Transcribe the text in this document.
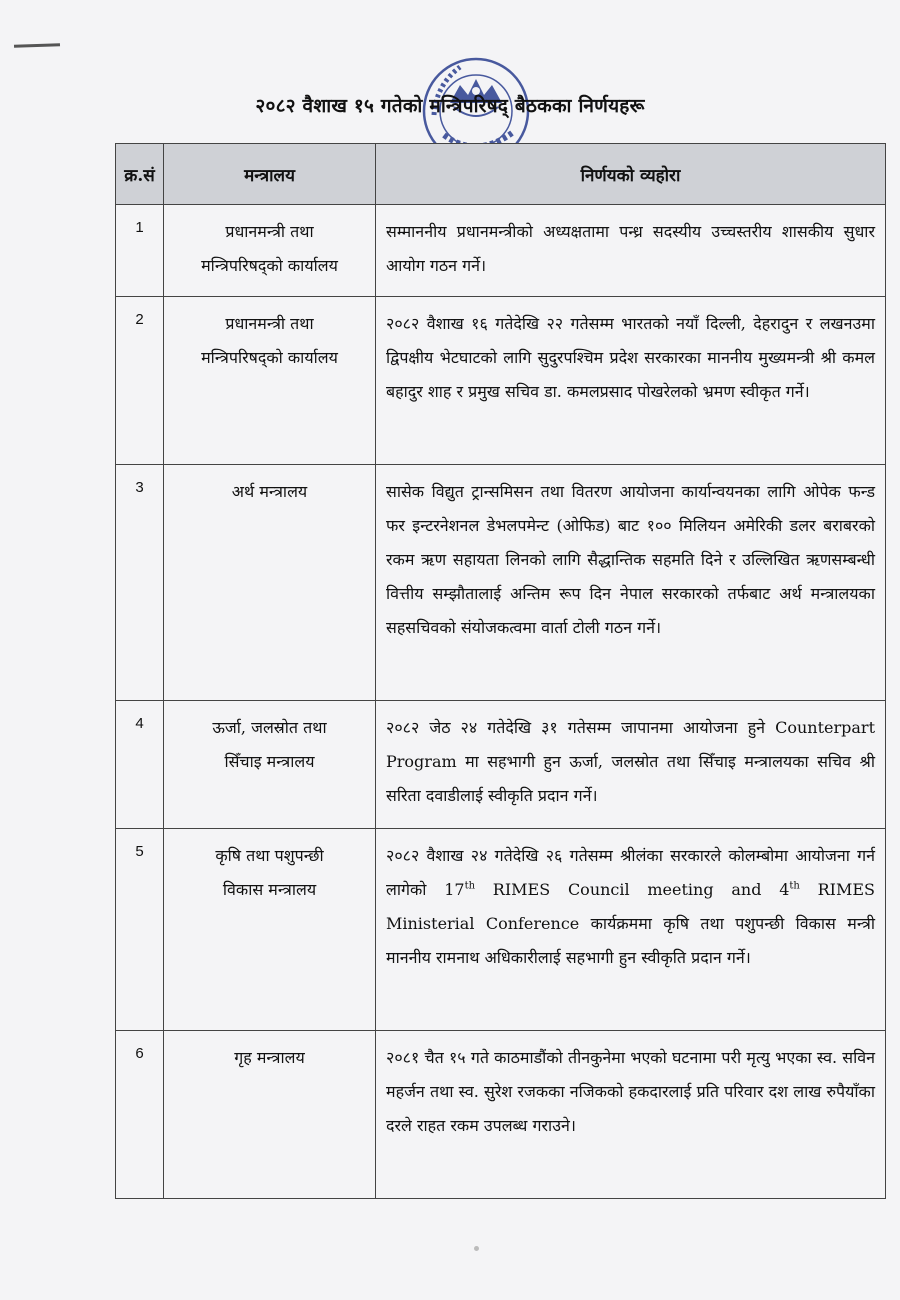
२०८२ वैशाख १५ गतेको मन्त्रिपरिषद् बैठकका निर्णयहरू
क्र.सं	मन्त्रालय	निर्णयको व्यहोरा
1	प्रधानमन्त्री तथा
मन्त्रिपरिषद्को कार्यालय	सम्माननीय प्रधानमन्त्रीको अध्यक्षतामा पन्ध्र सदस्यीय उच्चस्तरीय शासकीय सुधार आयोग गठन गर्ने।
2	प्रधानमन्त्री तथा
मन्त्रिपरिषद्को कार्यालय	२०८२ वैशाख १६ गतेदेखि २२ गतेसम्म भारतको नयाँ दिल्ली, देहरादुन र लखनउमा द्विपक्षीय भेटघाटको लागि सुदुरपश्चिम प्रदेश सरकारका माननीय मुख्यमन्त्री श्री कमल बहादुर शाह र प्रमुख सचिव डा. कमलप्रसाद पोखरेलको भ्रमण स्वीकृत गर्ने।
3	अर्थ मन्त्रालय	सासेक विद्युत ट्रान्समिसन तथा वितरण आयोजना कार्यान्वयनका लागि ओपेक फन्ड फर इन्टरनेशनल डेभलपमेन्ट (ओफिड) बाट १०० मिलियन अमेरिकी डलर बराबरको रकम ऋण सहायता लिनको लागि सैद्धान्तिक सहमति दिने र उल्लिखित ऋणसम्बन्धी वित्तीय सम्झौतालाई अन्तिम रूप दिन नेपाल सरकारको तर्फबाट अर्थ मन्त्रालयका सहसचिवको संयोजकत्वमा वार्ता टोली गठन गर्ने।
4	ऊर्जा, जलस्रोत तथा
सिँचाइ मन्त्रालय	२०८२ जेठ २४ गतेदेखि ३१ गतेसम्म जापानमा आयोजना हुने Counterpart Program मा सहभागी हुन ऊर्जा, जलस्रोत तथा सिँचाइ मन्त्रालयका सचिव श्री सरिता दवाडीलाई स्वीकृति प्रदान गर्ने।
5	कृषि तथा पशुपन्छी
विकास मन्त्रालय	२०८२ वैशाख २४ गतेदेखि २६ गतेसम्म श्रीलंका सरकारले कोलम्बोमा आयोजना गर्न लागेको 17th RIMES Council meeting and 4th RIMES Ministerial Conference कार्यक्रममा कृषि तथा पशुपन्छी विकास मन्त्री माननीय रामनाथ अधिकारीलाई सहभागी हुन स्वीकृति प्रदान गर्ने।
6	गृह मन्त्रालय	२०८१ चैत १५ गते काठमाडौंको तीनकुनेमा भएको घटनामा परी मृत्यु भएका स्व. सविन महर्जन तथा स्व. सुरेश रजकका नजिकको हकदारलाई प्रति परिवार दश लाख रुपैयाँका दरले राहत रकम उपलब्ध गराउने।
